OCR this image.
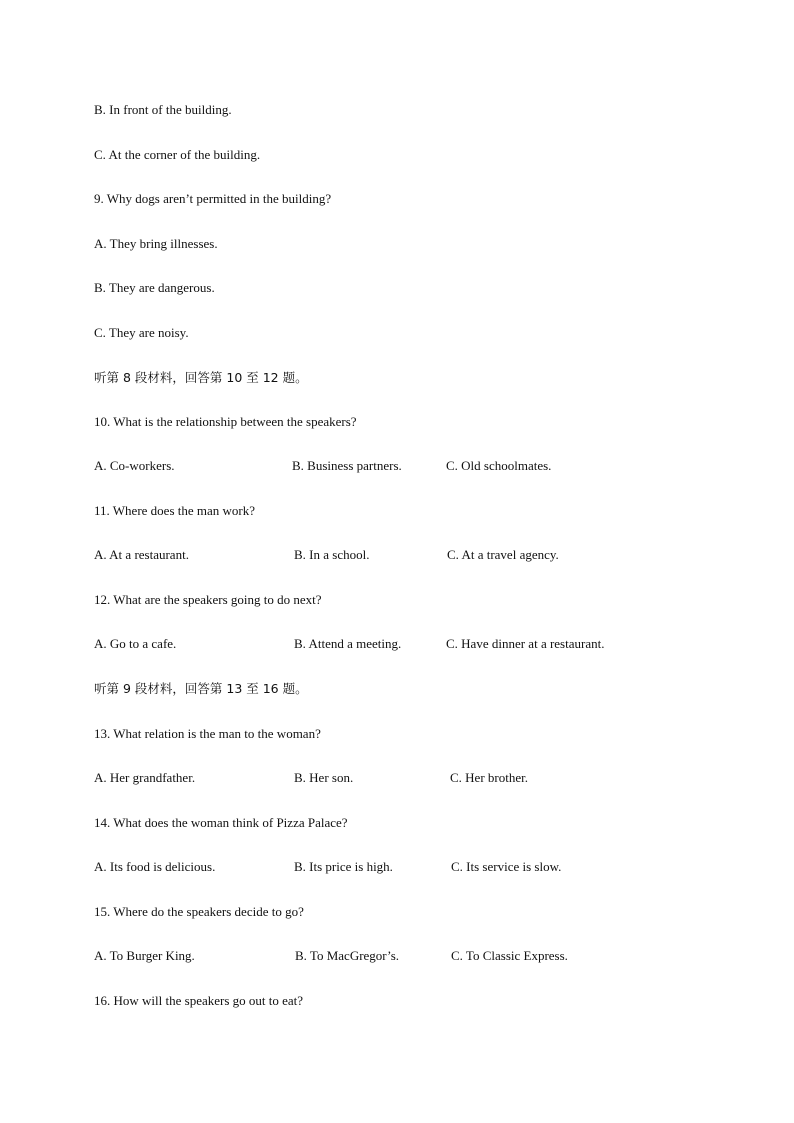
B. In front of the building.
C. At the corner of the building.
9. Why dogs aren’t permitted in the building?
A. They bring illnesses.
B. They are dangerous.
C. They are noisy.
听第 8 段材料，回答第 10 至 12 题。
10. What is the relationship between the speakers?
A. Co-workers.	B. Business partners.	C. Old schoolmates.
11. Where does the man work?
A. At a restaurant.	B. In a school.	C. At a travel agency.
12. What are the speakers going to do next?
A. Go to a cafe.	B. Attend a meeting.	C. Have dinner at a restaurant.
听第 9 段材料，回答第 13 至 16 题。
13. What relation is the man to the woman?
A. Her grandfather.	B. Her son.	C. Her brother.
14. What does the woman think of Pizza Palace?
A. Its food is delicious.	B. Its price is high.	C. Its service is slow.
15. Where do the speakers decide to go?
A. To Burger King.	B. To MacGregor’s.	C. To Classic Express.
16. How will the speakers go out to eat?
